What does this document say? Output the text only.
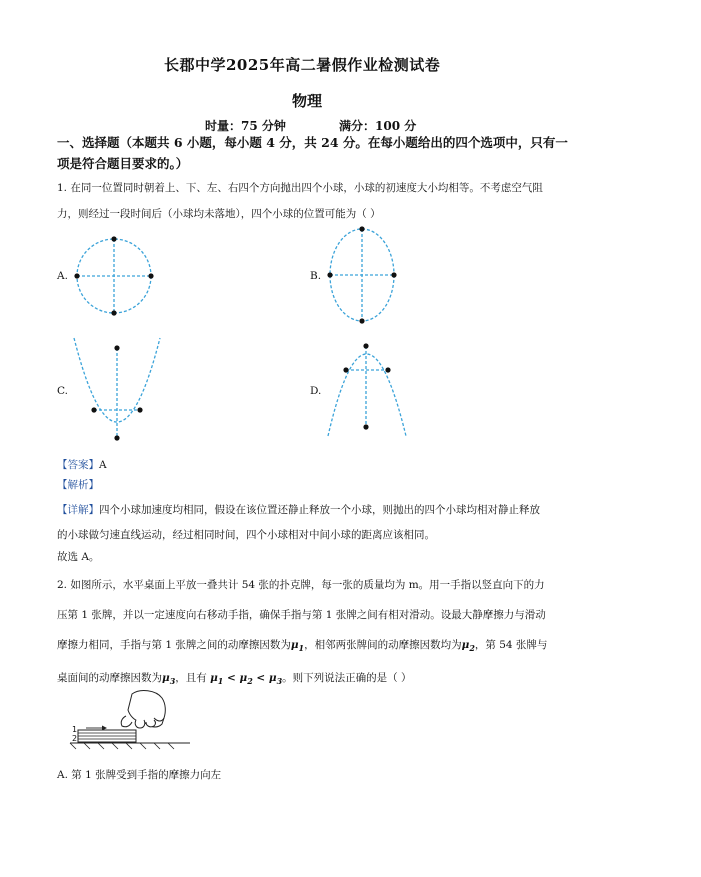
长郡中学2025年高二暑假作业检测试卷
物理
时量：75 分钟	满分：100 分
一、选择题（本题共 6 小题，每小题 4 分，共 24 分。在每小题给出的四个选项中，只有一
项是符合题目要求的。）
1. 在同一位置同时朝着上、下、左、右四个方向抛出四个小球，小球的初速度大小均相等。不考虑空气阻
力，则经过一段时间后（小球均未落地），四个小球的位置可能为（ ）
A.	B.
C.	D.
【答案】A
【解析】
【详解】四个小球加速度均相同，假设在该位置还静止释放一个小球，则抛出的四个小球均相对静止释放
的小球做匀速直线运动，经过相同时间，四个小球相对中间小球的距离应该相同。
故选 A。
2. 如图所示，水平桌面上平放一叠共计 54 张的扑克牌，每一张的质量均为 m。用一手指以竖直向下的力
压第 1 张牌，并以一定速度向右移动手指，确保手指与第 1 张牌之间有相对滑动。设最大静摩擦力与滑动
摩擦力相同，手指与第 1 张牌之间的动摩擦因数为$\mu_1$，相邻两张牌间的动摩擦因数均为$\mu_2$，第 54 张牌与
桌面间的动摩擦因数为$\mu_3$，且有 $\mu_1 < \mu_2 < \mu_3$。则下列说法正确的是（ ）
1
2
A. 第 1 张牌受到手指的摩擦力向左
